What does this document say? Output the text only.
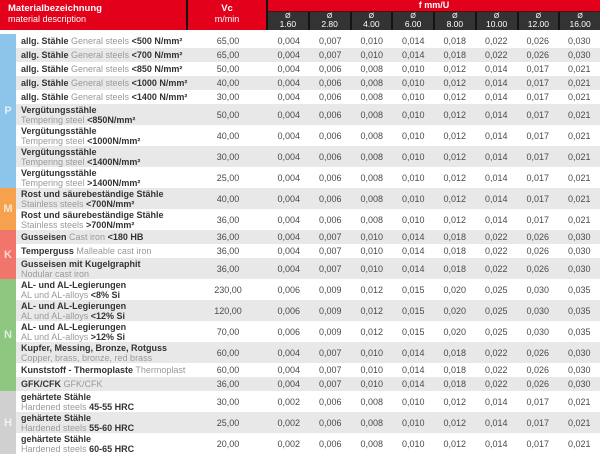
Materialbezeichnung
material description
Vc
m/min
f mm/U
Ø
1.60
Ø
2.80
Ø
4.00
Ø
6.00
Ø
8.00
Ø
10.00
Ø
12.00
Ø
16.00
P
M
K
N
H
allg. Stähle General steels <500 N/mm²	65,00	0,004	0,007	0,010	0,014	0,018	0,022	0,026	0,030
allg. Stähle General steels <700 N/mm²	65,00	0,004	0,007	0,010	0,014	0,018	0,022	0,026	0,030
allg. Stähle General steels <850 N/mm²	50,00	0,004	0,006	0,008	0,010	0,012	0,014	0,017	0,021
allg. Stähle General steels <1000 N/mm²	40,00	0,004	0,006	0,008	0,010	0,012	0,014	0,017	0,021
allg. Stähle General steels <1400 N/mm²	30,00	0,004	0,006	0,008	0,010	0,012	0,014	0,017	0,021
Vergütungsstähle
Tempering steel <850N/mm²	50,00	0,004	0,006	0,008	0,010	0,012	0,014	0,017	0,021
Vergütungsstähle
Tempering steel <1000N/mm²	40,00	0,004	0,006	0,008	0,010	0,012	0,014	0,017	0,021
Vergütungsstähle
Tempering steel <1400N/mm²	30,00	0,004	0,006	0,008	0,010	0,012	0,014	0,017	0,021
Vergütungsstähle
Tempering steel >1400N/mm²	25,00	0,004	0,006	0,008	0,010	0,012	0,014	0,017	0,021
Rost und säurebeständige Stähle
Stainless steels <700N/mm²	40,00	0,004	0,006	0,008	0,010	0,012	0,014	0,017	0,021
Rost und säurebeständige Stähle
Stainless steels >700N/mm²	36,00	0,004	0,006	0,008	0,010	0,012	0,014	0,017	0,021
Gusseisen Cast iron <180 HB	36,00	0,004	0,007	0,010	0,014	0,018	0,022	0,026	0,030
Temperguss Malleable cast iron	36,00	0,004	0,007	0,010	0,014	0,018	0,022	0,026	0,030
Gusseisen mit Kugelgraphit
Nodular cast iron	36,00	0,004	0,007	0,010	0,014	0,018	0,022	0,026	0,030
AL- und AL-Legierungen
AL und AL-alloys <8% Si	230,00	0,006	0,009	0,012	0,015	0,020	0,025	0,030	0,035
AL- und AL-Legierungen
AL und AL-alloys <12% Si	120,00	0,006	0,009	0,012	0,015	0,020	0,025	0,030	0,035
AL- und AL-Legierungen
AL und AL-alloys >12% Si	70,00	0,006	0,009	0,012	0,015	0,020	0,025	0,030	0,035
Kupfer, Messing, Bronze, Rotguss
Copper, brass, bronze, red brass	60,00	0,004	0,007	0,010	0,014	0,018	0,022	0,026	0,030
Kunststoff - Thermoplaste Thermoplast	60,00	0,004	0,007	0,010	0,014	0,018	0,022	0,026	0,030
GFK/CFK GFK/CFK	36,00	0,004	0,007	0,010	0,014	0,018	0,022	0,026	0,030
gehärtete Stähle
Hardened steels 45-55 HRC	30,00	0,002	0,006	0,008	0,010	0,012	0,014	0,017	0,021
gehärtete Stähle
Hardened steels 55-60 HRC	25,00	0,002	0,006	0,008	0,010	0,012	0,014	0,017	0,021
gehärtete Stähle
Hardened steels 60-65 HRC	20,00	0,002	0,006	0,008	0,010	0,012	0,014	0,017	0,021
